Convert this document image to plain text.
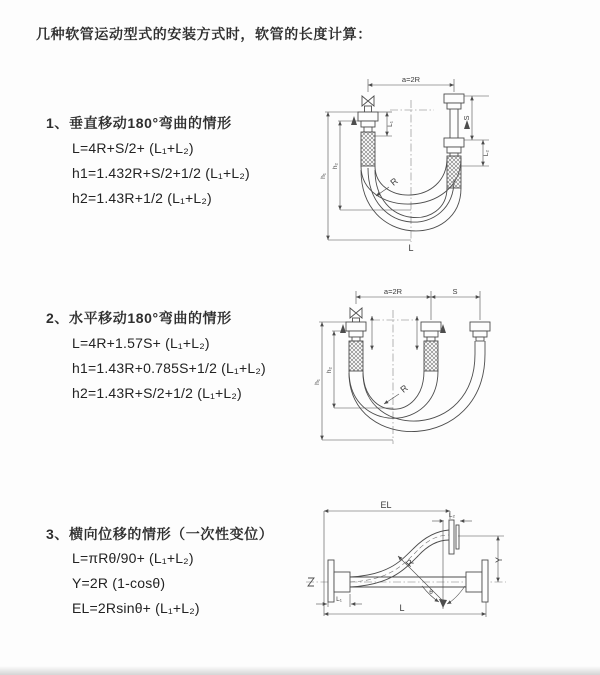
几种软管运动型式的安装方式时，软管的长度计算：
1、垂直移动180°弯曲的情形
L=4R+S/2+ (L₁+L₂)
h1=1.432R+S/2+1/2 (L₁+L₂)
h2=1.43R+1/2 (L₁+L₂)
2、水平移动180°弯曲的情形
L=4R+1.57S+ (L₁+L₂)
h1=1.43R+0.785S+1/2 (L₁+L₂)
h2=1.43R+S/2+1/2 (L₁+L₂)
3、横向位移的情形（一次性变位）
L=πRθ/90+ (L₁+L₂)
Y=2R (1-cosθ)
EL=2Rsinθ+ (L₁+L₂)
a=2R
S
L₂
h₁
h₂
L₁
R
L
a=2R	S
h₁
h₂
R
EL
L₂
Y
L
L₁
R
θ
